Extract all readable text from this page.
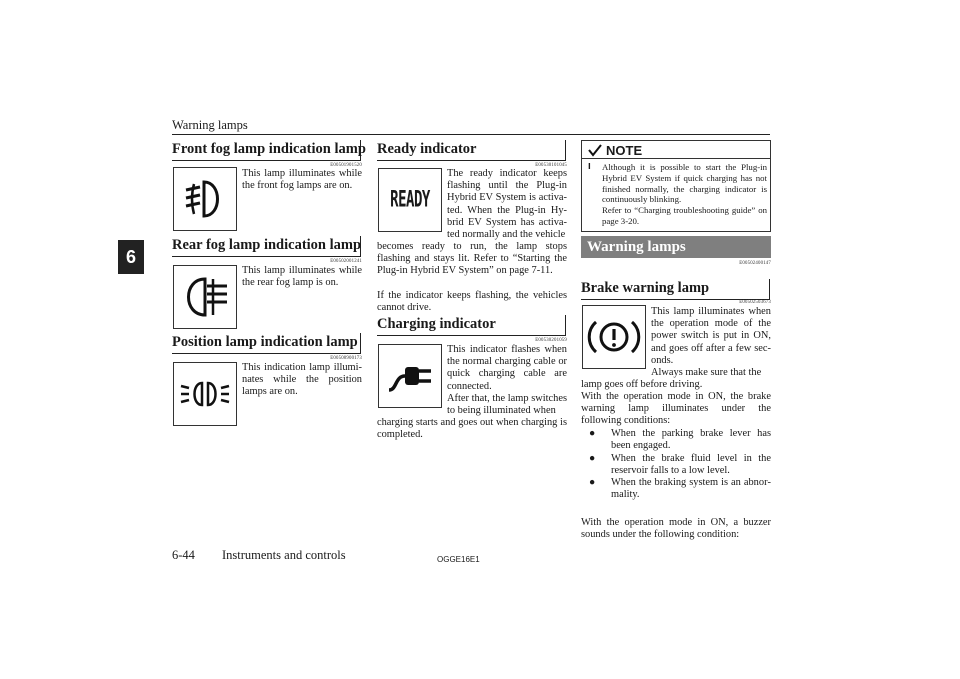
Warning lamps
6
Front fog lamp indication lamp
E00501901520
This lamp illuminates while the front fog lamps are on.
Rear fog lamp indication lamp
E00502001241
This lamp illuminates while the rear fog lamp is on.
Position lamp indication lamp
E00508900173
This indication lamp illuminates while the position lamps are on.
Ready indicator
E00530101045
READY
The ready indicator keeps flashing until the Plug-in Hybrid EV System is activated. When the Plug-in Hybrid EV System has activated normally and the vehicle
becomes ready to run, the lamp stops flashing and stays lit. Refer to “Starting the Plug-in Hybrid EV System” on page 7-11.
If the indicator keeps flashing, the vehicles cannot drive.
Charging indicator
E00530201059
This indicator flashes when the normal charging cable or quick charging cable are connected.
After that, the lamp switches to being illuminated when
charging starts and goes out when charging is completed.
NOTE
l Although it is possible to start the Plug-in Hybrid EV System if quick charging has not finished normally, the charging indicator is continuously blinking.
Refer to “Charging troubleshooting guide” on page 3-20.
Warning lamps
E00502400147
Brake warning lamp
E00502503673
This lamp illuminates when the operation mode of the power switch is put in ON, and goes off after a few seconds.
Always make sure that the
lamp goes off before driving.
With the operation mode in ON, the brake warning lamp illuminates under the following conditions:
● When the parking brake lever has been engaged.
● When the brake fluid level in the reservoir falls to a low level.
● When the braking system is an abnormality.
With the operation mode in ON, a buzzer sounds under the following condition:
6-44 Instruments and controls	OGGE16E1
